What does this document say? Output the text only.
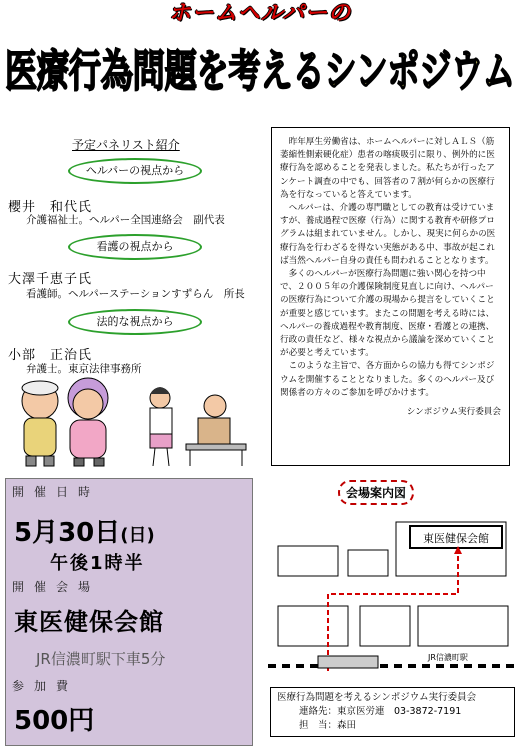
ホームヘルパーの
医療行為問題を考えるシンポジウム
予定パネリスト紹介
ヘルパーの視点から
櫻井　和代氏
介護福祉士。ヘルパー全国連絡会　副代表
看護の視点から
大澤千恵子氏
看護師。ヘルパーステーションすずらん　所長
法的な視点から
小部　正治氏
弁護士。東京法律事務所

昨年厚生労働省は、ホームヘルパーに対しＡＬＳ（筋萎縮性側索硬化症）患者の喀痰吸引に限り、例外的に医療行為を認めることを発表しました。私たちが行ったアンケート調査の中でも、回答者の７割が何らかの医療行為を行なっていると答えています。

ヘルパーは、介護の専門職としての教育は受けていますが、養成過程で医療（行為）に関する教育や研修プログラムは組まれていません。しかし、現実に何らかの医療行為を行わざるを得ない実態がある中、事故が起これば当然ヘルパー自身の責任も問われることとなります。

多くのヘルパーが医療行為問題に強い関心を持つ中で、２００５年の介護保険制度見直しに向け、ヘルパーの医療行為について介護の現場から提言をしていくことが重要と感じています。またこの問題を考える時には、ヘルパーの養成過程や教育制度、医療・看護との連携、行政の責任など、様々な視点から議論を深めていくことが必要と考えています。

このような主旨で、各方面からの協力も得てシンポジウムを開催することとなりました。多くのヘルパー及び関係者の方々のご参加を呼びかけます。

シンポジウム実行委員会

開催日時
5月30日(日)
午後1時半
開催会場
東医健保会館
JR信濃町駅下車5分
参加費
500円
会場案内図
東医健保会館
JR信濃町駅
医療行為問題を考えるシンポジウム実行委員会
連絡先：東京医労連　03-3872-7191
担　当：森田
